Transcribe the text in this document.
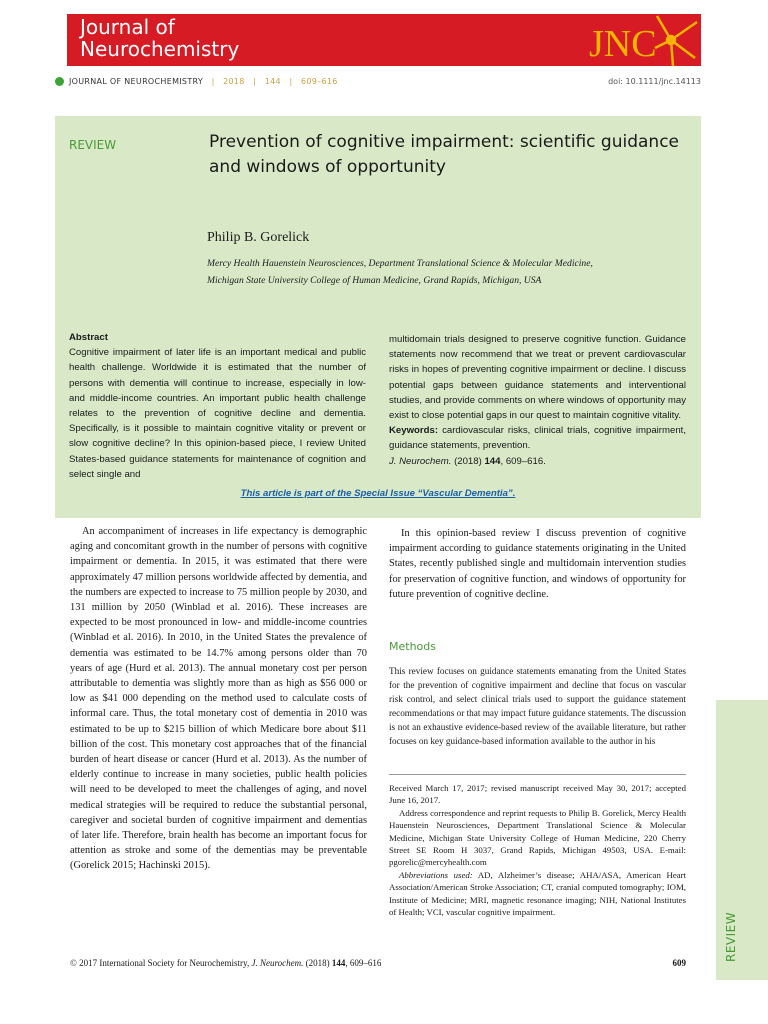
Journal of
Neurochemistry	JNC
JOURNAL OF NEUROCHEMISTRY | 2018 | 144 | 609–616	doi: 10.1111/jnc.14113
REVIEW	Prevention of cognitive impairment: scientific guidance and windows of opportunity
Philip B. Gorelick
Mercy Health Hauenstein Neurosciences, Department Translational Science & Molecular Medicine,
Michigan State University College of Human Medicine, Grand Rapids, Michigan, USA
Abstract
Cognitive impairment of later life is an important medical and public health challenge. Worldwide it is estimated that the number of persons with dementia will continue to increase, especially in low- and middle-income countries. An important public health challenge relates to the prevention of cognitive decline and dementia. Specifically, is it possible to maintain cognitive vitality or prevent or slow cognitive decline? In this opinion-based piece, I review United States-based guidance statements for maintenance of cognition and select single and
multidomain trials designed to preserve cognitive function. Guidance statements now recommend that we treat or prevent cardiovascular risks in hopes of preventing cognitive impairment or decline. I discuss potential gaps between guidance statements and interventional studies, and provide comments on where windows of opportunity may exist to close potential gaps in our quest to maintain cognitive vitality.
Keywords: cardiovascular risks, clinical trials, cognitive impairment, guidance statements, prevention.
J. Neurochem. (2018) 144, 609–616.
This article is part of the Special Issue “Vascular Dementia”.

An accompaniment of increases in life expectancy is demographic aging and concomitant growth in the number of persons with cognitive impairment or dementia. In 2015, it was estimated that there were approximately 47 million persons worldwide affected by dementia, and the numbers are expected to increase to 75 million people by 2030, and 131 million by 2050 (Winblad et al. 2016). These increases are expected to be most pronounced in low- and middle-income countries (Winblad et al. 2016). In 2010, in the United States the prevalence of dementia was estimated to be 14.7% among persons older than 70 years of age (Hurd et al. 2013). The annual monetary cost per person attributable to dementia was slightly more than as high as $56 000 or low as $41 000 depending on the method used to calculate costs of informal care. Thus, the total monetary cost of dementia in 2010 was estimated to be up to $215 billion of which Medicare bore about $11 billion of the cost. This monetary cost approaches that of the financial burden of heart disease or cancer (Hurd et al. 2013). As the number of elderly continue to increase in many societies, public health policies will need to be developed to meet the challenges of aging, and novel medical strategies will be required to reduce the substantial personal, caregiver and societal burden of cognitive impairment and dementias of later life. Therefore, brain health has become an important focus for attention as stroke and some of the dementias may be preventable (Gorelick 2015; Hachinski 2015).

In this opinion-based review I discuss prevention of cognitive impairment according to guidance statements originating in the United States, recently published single and multidomain intervention studies for preservation of cognitive function, and windows of opportunity for future prevention of cognitive decline.

Methods
This review focuses on guidance statements emanating from the United States for the prevention of cognitive impairment and decline that focus on vascular risk control, and select clinical trials used to support the guidance statement recommendations or that may impact future guidance statements. The discussion is not an exhaustive evidence-based review of the available literature, but rather focuses on key guidance-based information available to the author in his

Received March 17, 2017; revised manuscript received May 30, 2017; accepted June 16, 2017.

Address correspondence and reprint requests to Philip B. Gorelick, Mercy Health Hauenstein Neurosciences, Department Translational Science & Molecular Medicine, Michigan State University College of Human Medicine, 220 Cherry Street SE Room H 3037, Grand Rapids, Michigan 49503, USA. E-mail: pgorelic@mercyhealth.com

Abbreviations used: AD, Alzheimer’s disease; AHA/ASA, American Heart Association/American Stroke Association; CT, cranial computed tomography; IOM, Institute of Medicine; MRI, magnetic resonance imaging; NIH, National Institutes of Health; VCI, vascular cognitive impairment.	REVIEW
© 2017 International Society for Neurochemistry, J. Neurochem. (2018) 144, 609–616	609
